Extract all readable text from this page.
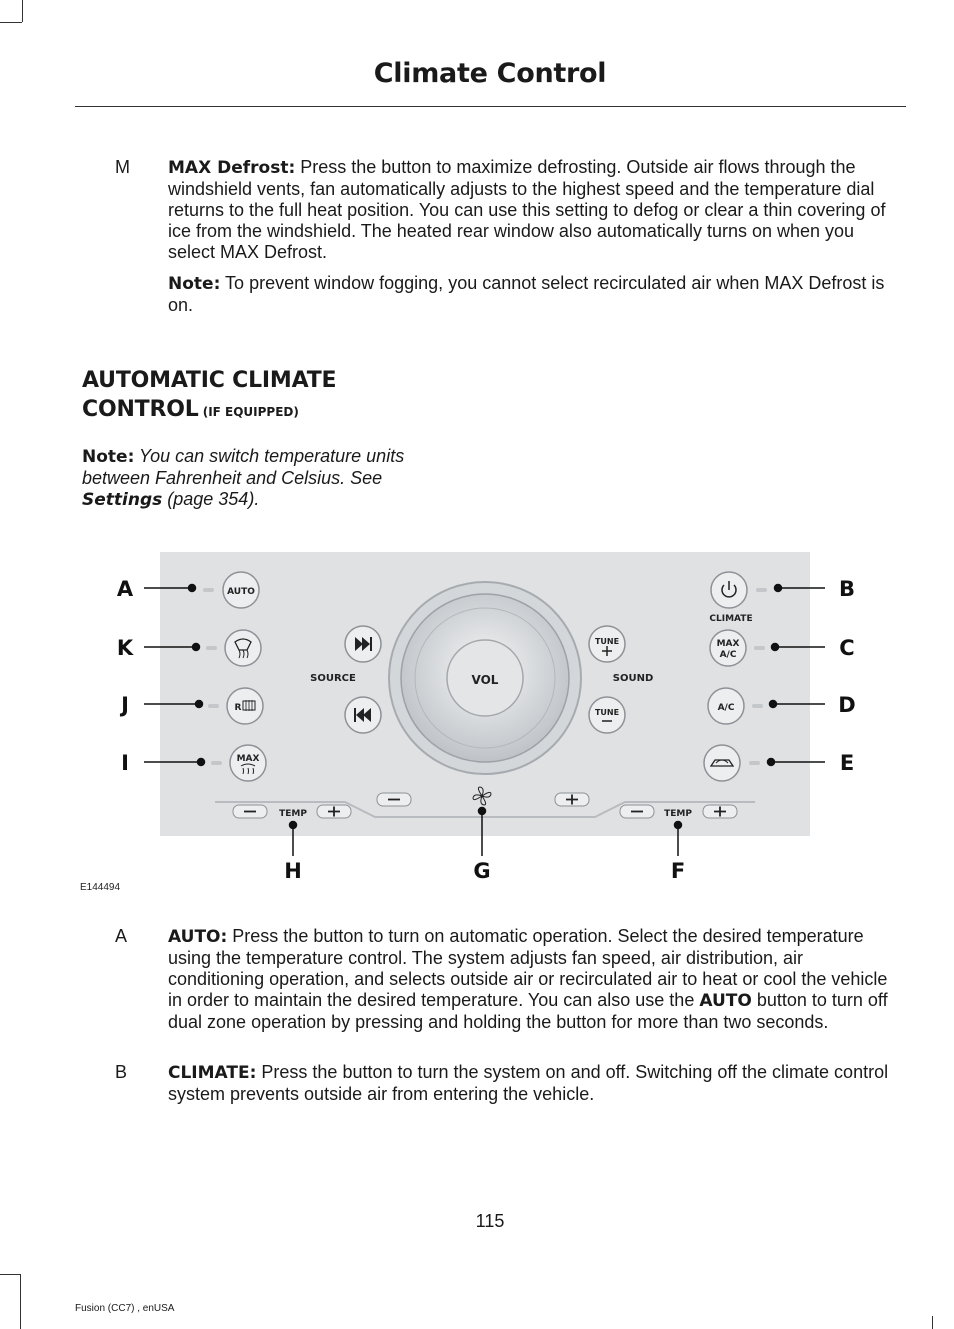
Climate Control
M MAX Defrost: Press the button to maximize defrosting. Outside air flows through the windshield vents, fan automatically adjusts to the highest speed and the temperature dial returns to the full heat position. You can use this setting to defog or clear a thin covering of ice from the windshield. The heated rear window also automatically turns on when you select MAX Defrost.
Note: To prevent window fogging, you cannot select recirculated air when MAX Defrost is on.
AUTOMATIC CLIMATE
CONTROL (IF EQUIPPED)
Note: You can switch temperature units between Fahrenheit and Celsius. See Settings (page 354).
VOL
SOURCE	SOUND
TUNE
TUNE
AUTO
R
MAX
CLIMATE
MAX
A/C
A/C
TEMP	TEMP
A
K
J
I
B
C
D
E
H	G	F
E144494
A AUTO: Press the button to turn on automatic operation. Select the desired temperature using the temperature control. The system adjusts fan speed, air distribution, air conditioning operation, and selects outside air or recirculated air to heat or cool the vehicle in order to maintain the desired temperature. You can also use the AUTO button to turn off dual zone operation by pressing and holding the button for more than two seconds.
B CLIMATE: Press the button to turn the system on and off. Switching off the climate control system prevents outside air from entering the vehicle.
115
Fusion (CC7) , enUSA
